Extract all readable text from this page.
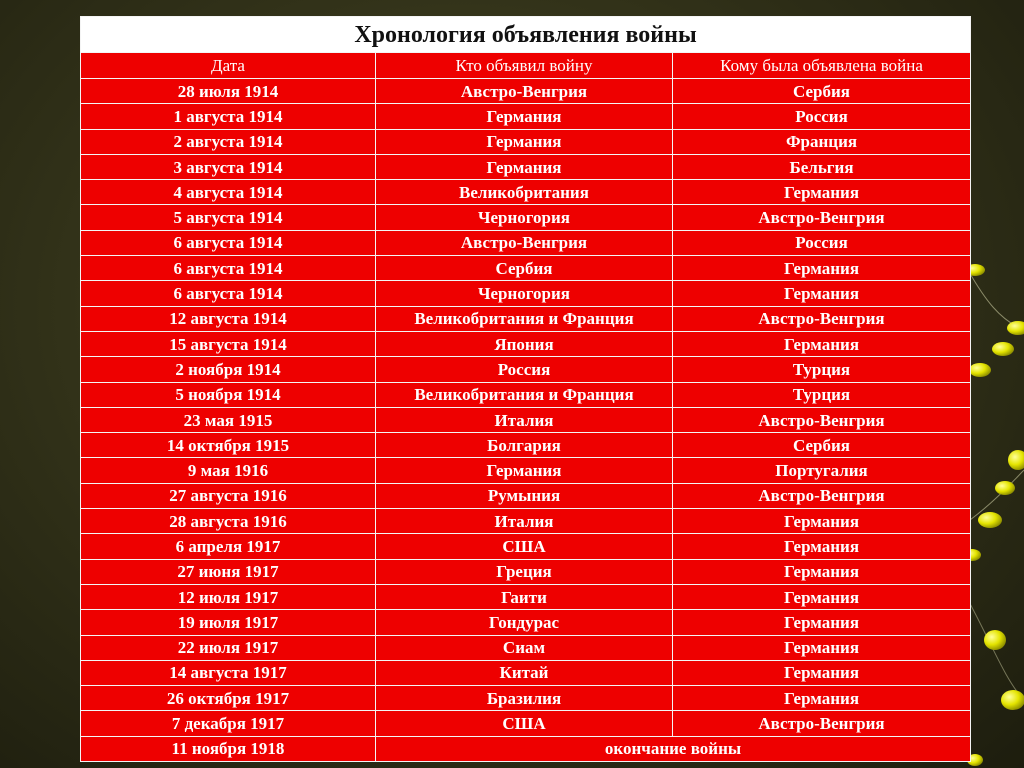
Хронология объявления войны		
Дата	Кто объявил войну	Кому была объявлена война
28 июля 1914	Австро-Венгрия	Сербия
1 августа 1914	Германия	Россия
2 августа 1914	Германия	Франция
3 августа 1914	Германия	Бельгия
4 августа 1914	Великобритания	Германия
5 августа 1914	Черногория	Австро-Венгрия
6 августа 1914	Австро-Венгрия	Россия
6 августа 1914	Сербия	Германия
6 августа 1914	Черногория	Германия
12 августа 1914	Великобритания и Франция	Австро-Венгрия
15 августа 1914	Япония	Германия
2 ноября 1914	Россия	Турция
5 ноября 1914	Великобритания и Франция	Турция
23 мая 1915	Италия	Австро-Венгрия
14 октября 1915	Болгария	Сербия
9 мая 1916	Германия	Португалия
27 августа 1916	Румыния	Австро-Венгрия
28 августа 1916	Италия	Германия
6 апреля 1917	США	Германия
27 июня 1917	Греция	Германия
12 июля 1917	Гаити	Германия
19 июля 1917	Гондурас	Германия
22 июля 1917	Сиам	Германия
14 августа 1917	Китай	Германия
26 октября 1917	Бразилия	Германия
7 декабря 1917	США	Австро-Венгрия
11 ноября 1918	окончание войны	
